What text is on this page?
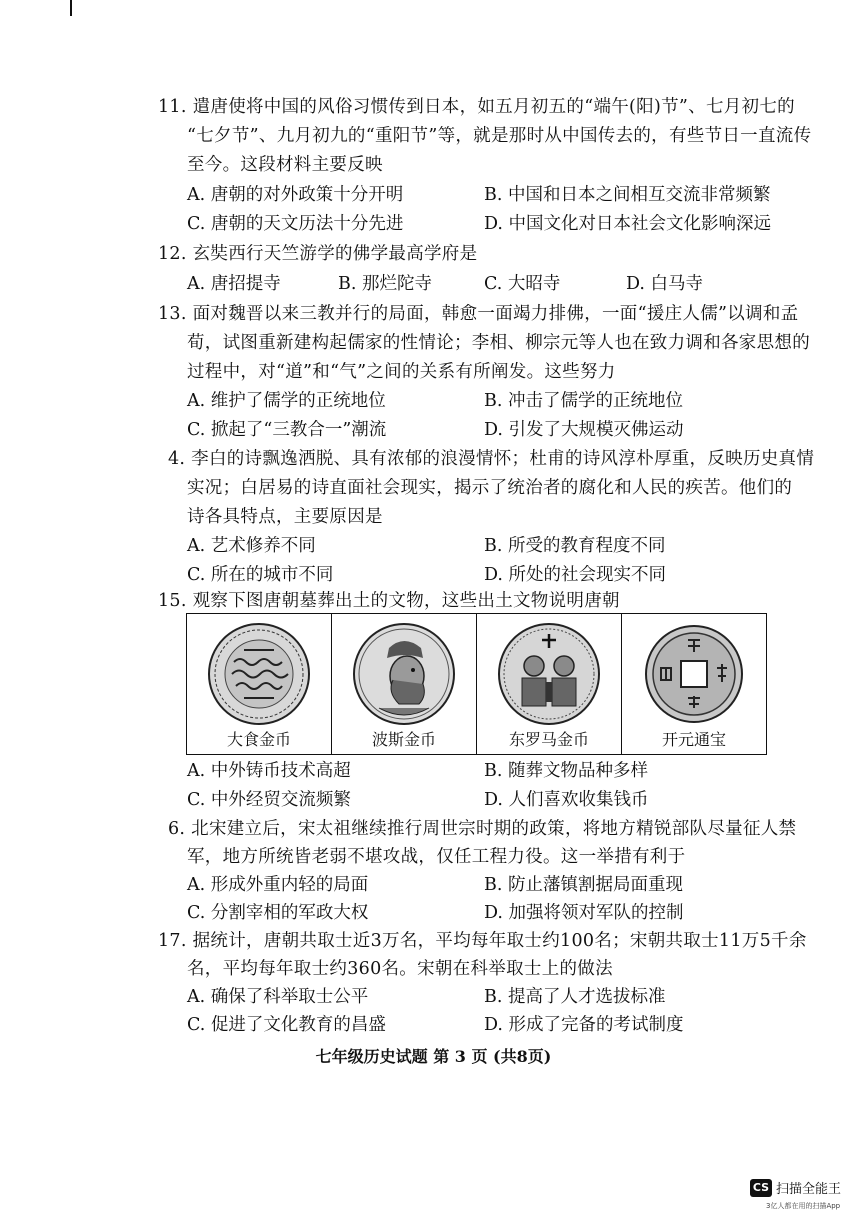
11. 遣唐使将中国的风俗习惯传到日本，如五月初五的“端午(阳)节”、七月初七的
“七夕节”、九月初九的“重阳节”等，就是那时从中国传去的，有些节日一直流传
至今。这段材料主要反映
A. 唐朝的对外政策十分开明	B. 中国和日本之间相互交流非常频繁
C. 唐朝的天文历法十分先进	D. 中国文化对日本社会文化影响深远
12. 玄奘西行天竺游学的佛学最高学府是
A. 唐招提寺	B. 那烂陀寺	C. 大昭寺	D. 白马寺
13. 面对魏晋以来三教并行的局面，韩愈一面竭力排佛，一面“援庄人儒”以调和孟
荀，试图重新建构起儒家的性情论；李相、柳宗元等人也在致力调和各家思想的
过程中，对“道”和“气”之间的关系有所阐发。这些努力
A. 维护了儒学的正统地位	B. 冲击了儒学的正统地位
C. 掀起了“三教合一”潮流	D. 引发了大规模灭佛运动
4. 李白的诗飘逸洒脱、具有浓郁的浪漫情怀；杜甫的诗风淳朴厚重，反映历史真情
实况；白居易的诗直面社会现实，揭示了统治者的腐化和人民的疾苦。他们的
诗各具特点，主要原因是
A. 艺术修养不同	B. 所受的教育程度不同
C. 所在的城市不同	D. 所处的社会现实不同
15. 观察下图唐朝墓葬出土的文物，这些出土文物说明唐朝
大食金币	波斯金币	东罗马金币	开元通宝
A. 中外铸币技术高超	B. 随葬文物品种多样
C. 中外经贸交流频繁	D. 人们喜欢收集钱币
6. 北宋建立后，宋太祖继续推行周世宗时期的政策，将地方精锐部队尽量征人禁
军，地方所统皆老弱不堪攻战，仅任工程力役。这一举措有利于
A. 形成外重内轻的局面	B. 防止藩镇割据局面重现
C. 分割宰相的军政大权	D. 加强将领对军队的控制
17. 据统计，唐朝共取士近3万名，平均每年取士约100名；宋朝共取士11万5千余
名，平均每年取士约360名。宋朝在科举取士上的做法
A. 确保了科举取士公平	B. 提高了人才选拔标准
C. 促进了文化教育的昌盛	D. 形成了完备的考试制度
七年级历史试题 第 3 页 (共8页)
CS 扫描全能王
3亿人都在用的扫描App
